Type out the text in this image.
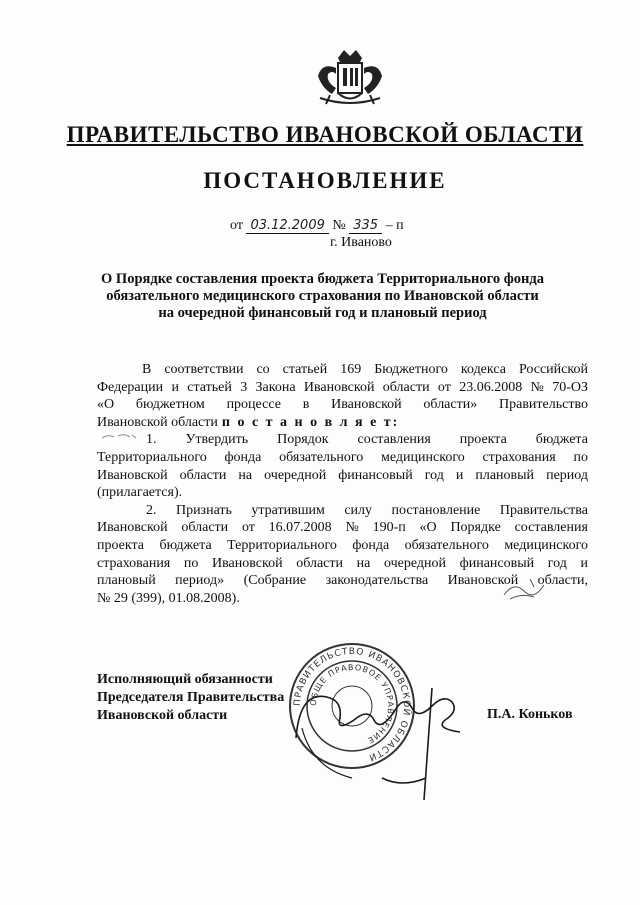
ПРАВИТЕЛЬСТВО ИВАНОВСКОЙ ОБЛАСТИ
ПОСТАНОВЛЕНИЕ
от 03.12.2009 № 335 – п
г. Иваново
О Порядке составления проекта бюджета Территориального фонда
обязательного медицинского страхования по Ивановской области
на очередной финансовый год и плановый период
В соответствии со статьей 169 Бюджетного кодекса Российской
Федерации и статьей 3 Закона Ивановской области от 23.06.2008 № 70-ОЗ
«О бюджетном процессе в Ивановской области» Правительство
Ивановской области п о с т а н о в л я е т:
1. Утвердить Порядок составления проекта бюджета
Территориального фонда обязательного медицинского страхования по
Ивановской области на очередной финансовый год и плановый период
(прилагается).
2. Признать утратившим силу постановление Правительства
Ивановской области от 16.07.2008 № 190-п «О Порядке составления
проекта бюджета Территориального фонда обязательного медицинского
страхования по Ивановской области на очередной финансовый год и
плановый период» (Собрание законодательства Ивановской области,
№ 29 (399), 01.08.2008).
Исполняющий обязанности
Председателя Правительства
Ивановской области	П.А. Коньков
ПРАВИТЕЛЬСТВО ИВАНОВСКОЙ ОБЛАСТИ
ОБЩЕ ПРАВОВОЕ УПРАВЛЕНИЕ
